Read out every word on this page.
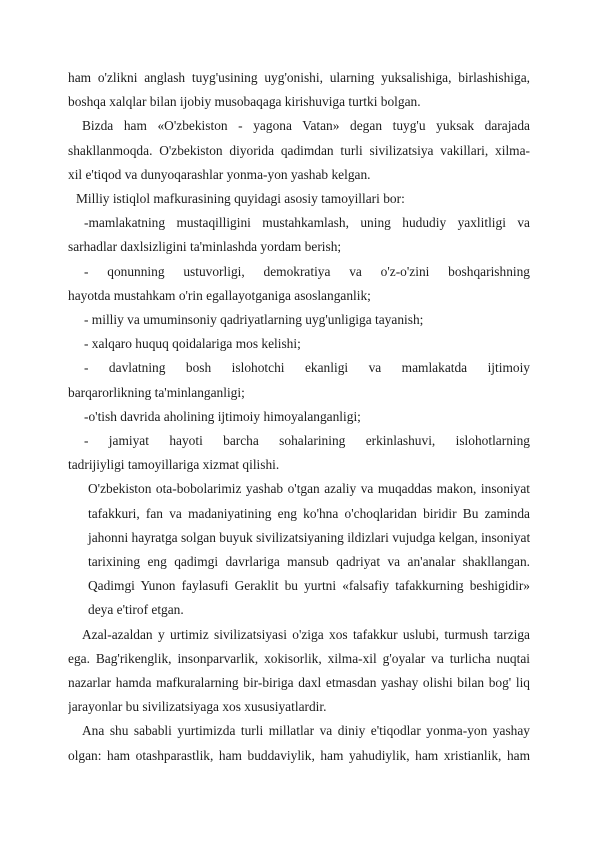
ham o'zlikni anglash tuyg'usining uyg'onishi, ularning yuksalishiga, birlashishiga,
boshqa xalqlar bilan ijobiy musobaqaga kirishuviga turtki bolgan.
Bizda ham «O'zbekiston - yagona Vatan» degan tuyg'u yuksak darajada
shakllanmoqda. O'zbekiston diyorida qadimdan turli sivilizatsiya vakillari, xilma-
xil e'tiqod va dunyoqarashlar yonma-yon yashab kelgan.
Milliy istiqlol mafkurasining quyidagi asosiy tamoyillari bor:
-mamlakatning mustaqilligini mustahkamlash, uning hududiy yaxlitligi va
sarhadlar daxlsizligini ta'minlashda yordam berish;
- qonunning ustuvorligi, demokratiya va o'z-o'zini boshqarishning
hayotda mustahkam o'rin egallayotganiga asoslanganlik;
- milliy va umuminsoniy qadriyatlarning uyg'unligiga tayanish;
- xalqaro huquq qoidalariga mos kelishi;
- davlatning bosh islohotchi ekanligi va mamlakatda ijtimoiy
barqarorlikning ta'minlanganligi;
-o'tish davrida aholining ijtimoiy himoyalanganligi;
- jamiyat hayoti barcha sohalarining erkinlashuvi, islohotlarning
tadrijiyligi tamoyillariga xizmat qilishi.
O'zbekiston ota-bobolarimiz yashab o'tgan azaliy va muqaddas makon, insoniyat
tafakkuri, fan va madaniyatining eng ko'hna o'choqlaridan biridir Bu zaminda
jahonni hayratga solgan buyuk sivilizatsiyaning ildizlari vujudga kelgan, insoniyat
tarixining eng qadimgi davrlariga mansub qadriyat va an'analar shakllangan.
Qadimgi Yunon faylasufi Geraklit bu yurtni «falsafiy tafakkurning beshigidir»
deya e'tirof etgan.
Azal-azaldan y urtimiz sivilizatsiyasi o'ziga xos tafakkur uslubi, turmush tarziga
ega. Bag'rikenglik, insonparvarlik, xokisorlik, xilma-xil g'oyalar va turlicha nuqtai
nazarlar hamda mafkuralarning bir-biriga daxl etmasdan yashay olishi bilan bog' liq
jarayonlar bu sivilizatsiyaga xos xususiyatlardir.
Ana shu sababli yurtimizda turli millatlar va diniy e'tiqodlar yonma-yon yashay
olgan: ham otashparastlik, ham buddaviylik, ham yahudiylik, ham xristianlik, ham
